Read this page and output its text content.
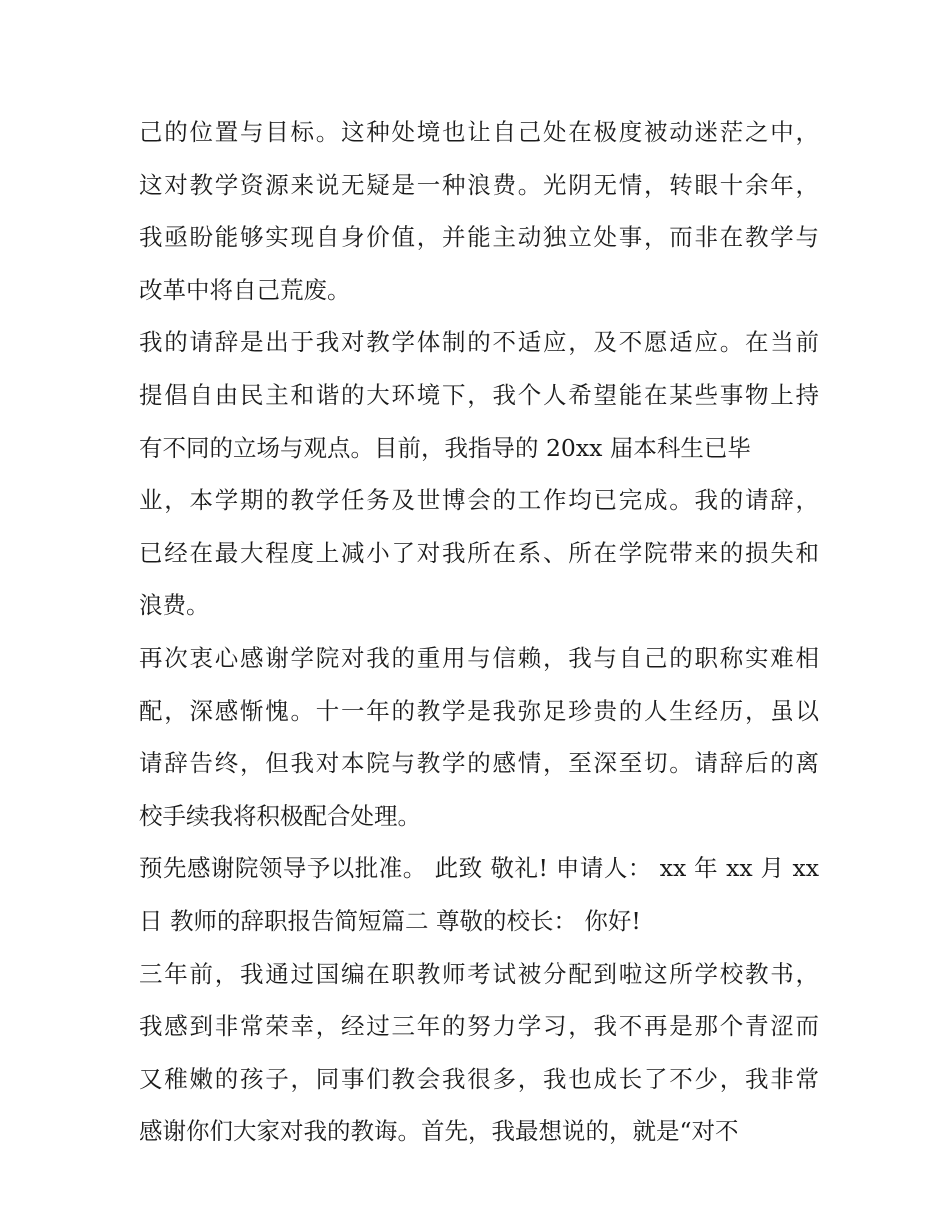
己的位置与目标。这种处境也让自己处在极度被动迷茫之中，
这对教学资源来说无疑是一种浪费。光阴无情，转眼十余年，
我亟盼能够实现自身价值，并能主动独立处事，而非在教学与
改革中将自己荒废。
我的请辞是出于我对教学体制的不适应，及不愿适应。在当前
提倡自由民主和谐的大环境下，我个人希望能在某些事物上持
有不同的立场与观点。目前，我指导的 20xx 届本科生已毕
业，本学期的教学任务及世博会的工作均已完成。我的请辞，
已经在最大程度上减小了对我所在系、所在学院带来的损失和
浪费。
再次衷心感谢学院对我的重用与信赖，我与自己的职称实难相
配，深感惭愧。十一年的教学是我弥足珍贵的人生经历，虽以
请辞告终，但我对本院与教学的感情，至深至切。请辞后的离
校手续我将积极配合处理。
预先感谢院领导予以批准。 此致 敬礼! 申请人： xx 年 xx 月 xx
日 教师的辞职报告简短篇二 尊敬的校长： 你好!
三年前，我通过国编在职教师考试被分配到啦这所学校教书，
我感到非常荣幸，经过三年的努力学习，我不再是那个青涩而
又稚嫩的孩子，同事们教会我很多，我也成长了不少，我非常
感谢你们大家对我的教诲。首先，我最想说的，就是“对不
